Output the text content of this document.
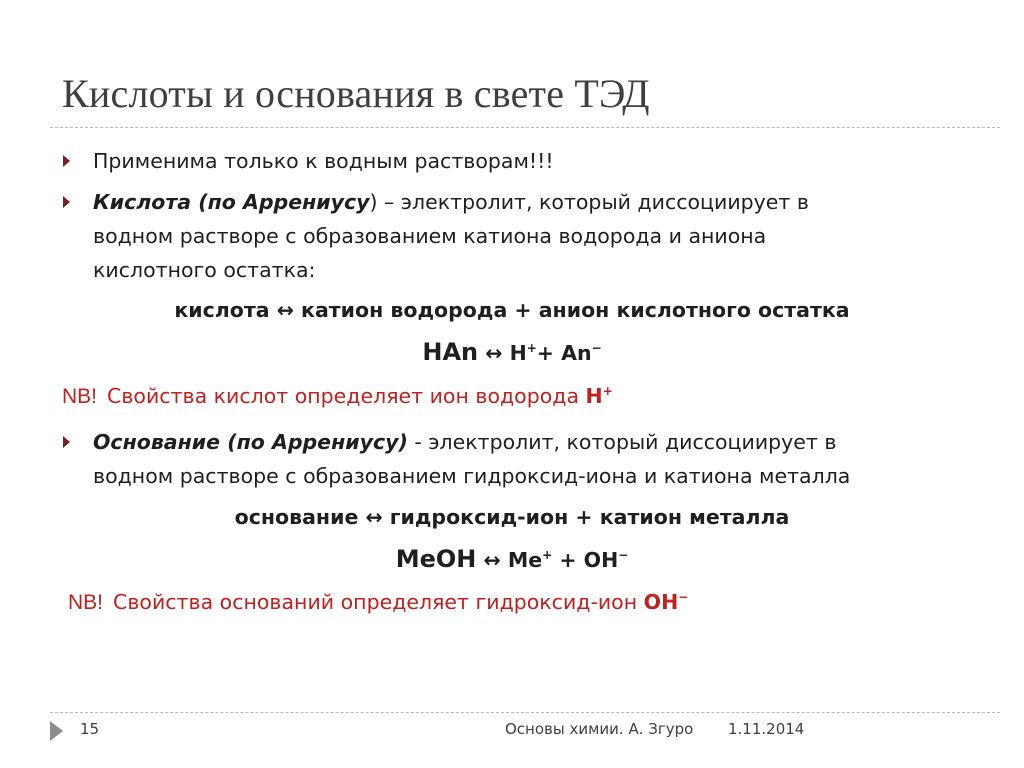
Кислоты и основания в свете ТЭД
Применима только к водным растворам!!!
Кислота (по Аррениусу) – электролит, который диссоциирует в
водном растворе с образованием катиона водорода и аниона
кислотного остатка:
кислота ↔ катион водорода + анион кислотного остатка
HAn ↔ H++ An−
NB! Свойства кислот определяет ион водорода H+
Основание (по Аррениусу) - электролит, который диссоциирует в
водном растворе с образованием гидроксид-иона и катиона металла
основание ↔ гидроксид-ион + катион металла
MeOH ↔ Me+ + OH−
NB! Свойства оснований определяет гидроксид-ион OH−
15	Основы химии. А. Згуро 1.11.2014
